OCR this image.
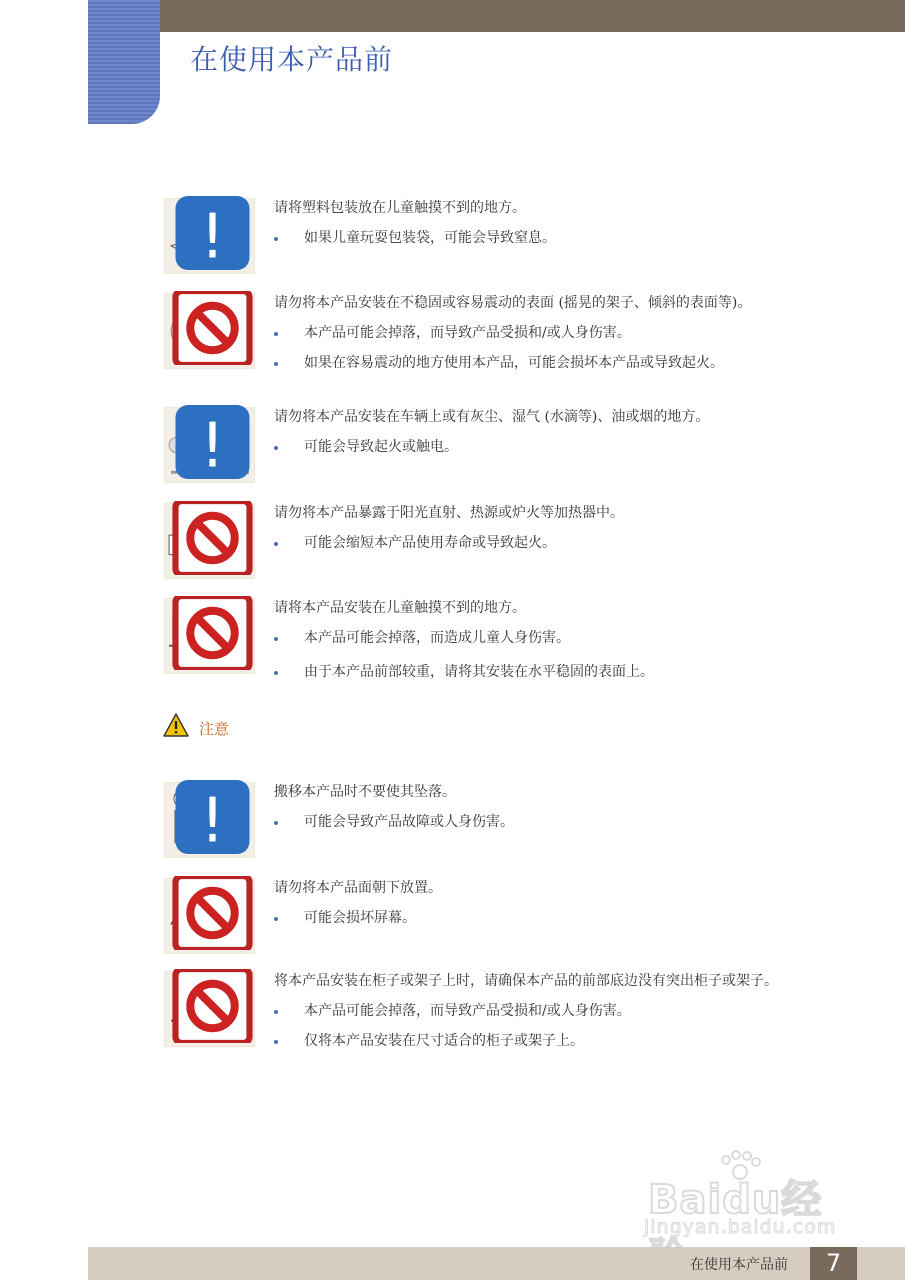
在使用本产品前
!	请将塑料包装放在儿童触摸不到的地方。

如果儿童玩耍包装袋，可能会导致窒息。

请勿将本产品安装在不稳固或容易震动的表面 (摇晃的架子、倾斜的表面等)。

本产品可能会掉落，而导致产品受损和/或人身伤害。
如果在容易震动的地方使用本产品，可能会损坏本产品或导致起火。
!	请勿将本产品安装在车辆上或有灰尘、湿气 (水滴等)、油或烟的地方。

可能会导致起火或触电。

请勿将本产品暴露于阳光直射、热源或炉火等加热器中。

可能会缩短本产品使用寿命或导致起火。

请将本产品安装在儿童触摸不到的地方。

本产品可能会掉落，而造成儿童人身伤害。
由于本产品前部较重，请将其安装在水平稳固的表面上。
注意
!	搬移本产品时不要使其坠落。

可能会导致产品故障或人身伤害。

请勿将本产品面朝下放置。

可能会损坏屏幕。

将本产品安装在柜子或架子上时，请确保本产品的前部底边没有突出柜子或架子。

本产品可能会掉落，而导致产品受损和/或人身伤害。
仅将本产品安装在尺寸适合的柜子或架子上。
Baidu经
jingyan.baidu.com
在使用本产品前	7
